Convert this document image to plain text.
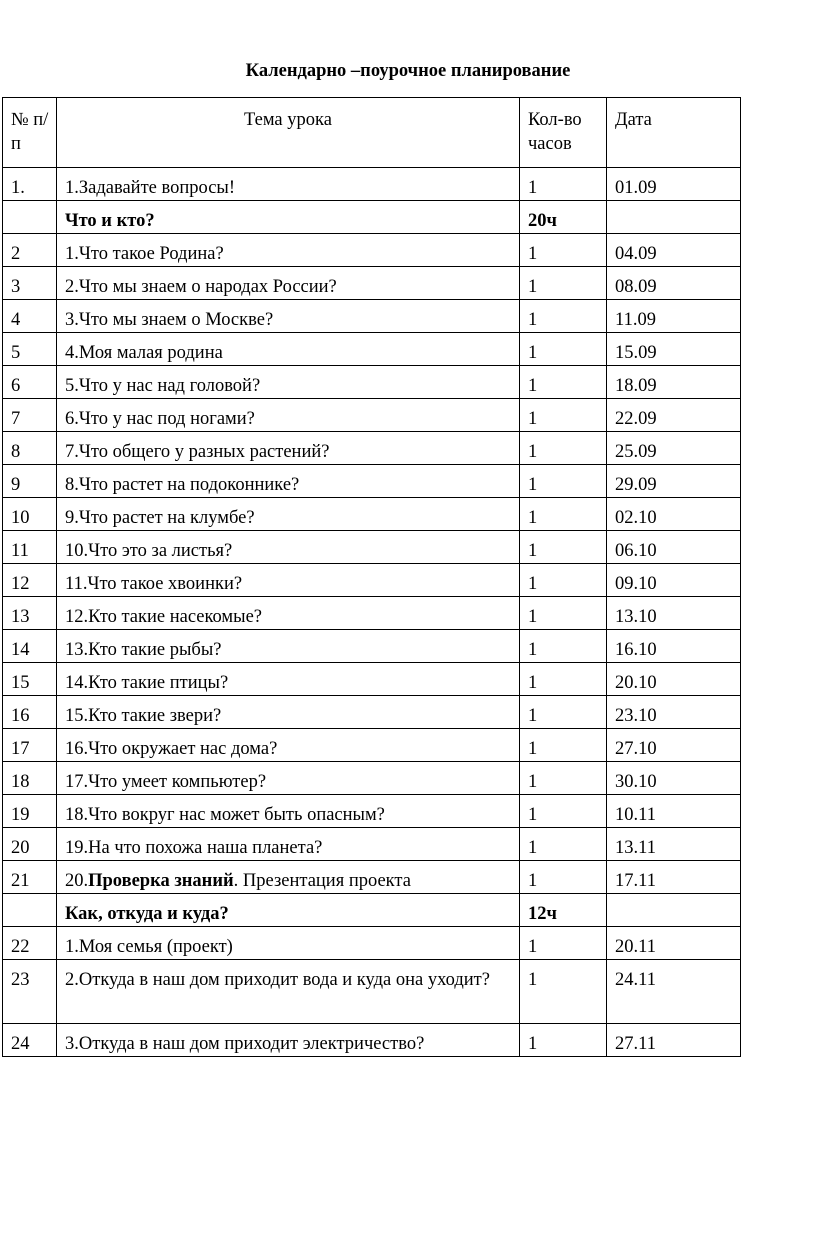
Календарно –поурочное планирование
№ п/п	Тема урока	Кол-во часов	Дата
1.	1.Задавайте вопросы!	1	01.09
	Что и кто?	20ч	
2	1.Что такое Родина?	1	04.09
3	2.Что мы знаем о народах России?	1	08.09
4	3.Что мы знаем о Москве?	1	11.09
5	4.Моя малая родина	1	15.09
6	5.Что у нас над головой?	1	18.09
7	6.Что у нас под ногами?	1	22.09
8	7.Что общего у разных растений?	1	25.09
9	8.Что растет на подоконнике?	1	29.09
10	9.Что растет на клумбе?	1	02.10
11	10.Что это за листья?	1	06.10
12	11.Что такое хвоинки?	1	09.10
13	12.Кто такие насекомые?	1	13.10
14	13.Кто такие рыбы?	1	16.10
15	14.Кто такие птицы?	1	20.10
16	15.Кто такие звери?	1	23.10
17	16.Что окружает нас дома?	1	27.10
18	17.Что умеет компьютер?	1	30.10
19	18.Что вокруг нас может быть опасным?	1	10.11
20	19.На что похожа наша планета?	1	13.11
21	20.Проверка знаний. Презентация проекта	1	17.11
	Как, откуда и куда?	12ч	
22	1.Моя семья (проект)	1	20.11
23	2.Откуда в наш дом приходит вода и куда она уходит?	1	24.11
24	3.Откуда в наш дом приходит электричество?	1	27.11
